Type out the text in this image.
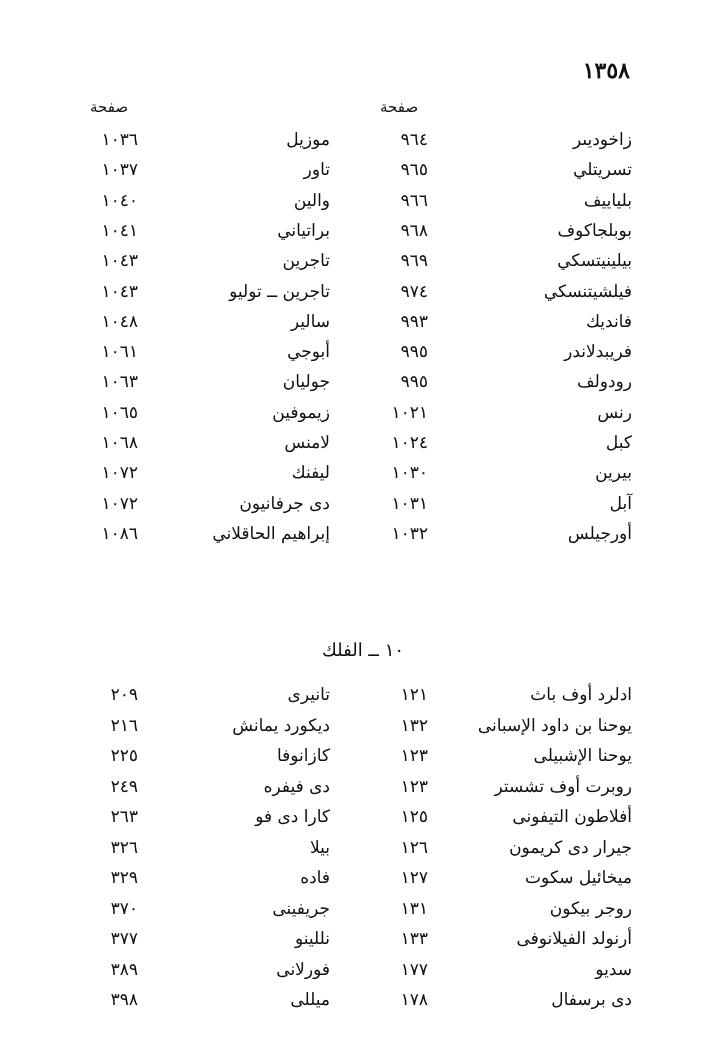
١٣٥٨
صفحة
صفحة
زاخوديىر
٩٦٤
موزيل
١٠٣٦
تسريتلي
٩٦٥
تاور
١٠٣٧
بلياييف
٩٦٦
والين
١٠٤٠
بوبلجاكوف
٩٦٨
براتياني
١٠٤١
بيلينيتسكي
٩٦٩
تاجرين
١٠٤٣
فيلشيتنسكي
٩٧٤
تاجرين ــ توليو
١٠٤٣
فانديك
٩٩٣
سالير
١٠٤٨
فريبدلاندر
٩٩٥
أبوجي
١٠٦١
رودولف
٩٩٥
جوليان
١٠٦٣
رنس
١٠٢١
زيموفين
١٠٦٥
كبل
١٠٢٤
لامنس
١٠٦٨
بيرين
١٠٣٠
ليفنك
١٠٧٢
آبل
١٠٣١
دى جرفانيون
١٠٧٢
أورجيلس
١٠٣٢
إبراهيم الحاقلاني
١٠٨٦
١٠ ــ الفلك
ادلرد أوف باث
١٢١
تانيرى
٢٠٩
يوحنا بن داود الإسبانى
١٣٢
ديكورد يمانش
٢١٦
يوحنا الإشبيلى
١٢٣
كازانوفا
٢٢٥
روبرت أوف تشستر
١٢٣
دى فيفره
٢٤٩
أفلاطون التيفونى
١٢٥
كارا دى فو
٢٦٣
جيرار دى كريمون
١٢٦
بيلا
٣٢٦
ميخائيل سكوت
١٢٧
فاده
٣٢٩
روجر بيكون
١٣١
جريفينى
٣٧٠
أرنولد الفيلانوفى
١٣٣
نللينو
٣٧٧
سديو
١٧٧
فورلانى
٣٨٩
دى برسفال
١٧٨
ميللى
٣٩٨
